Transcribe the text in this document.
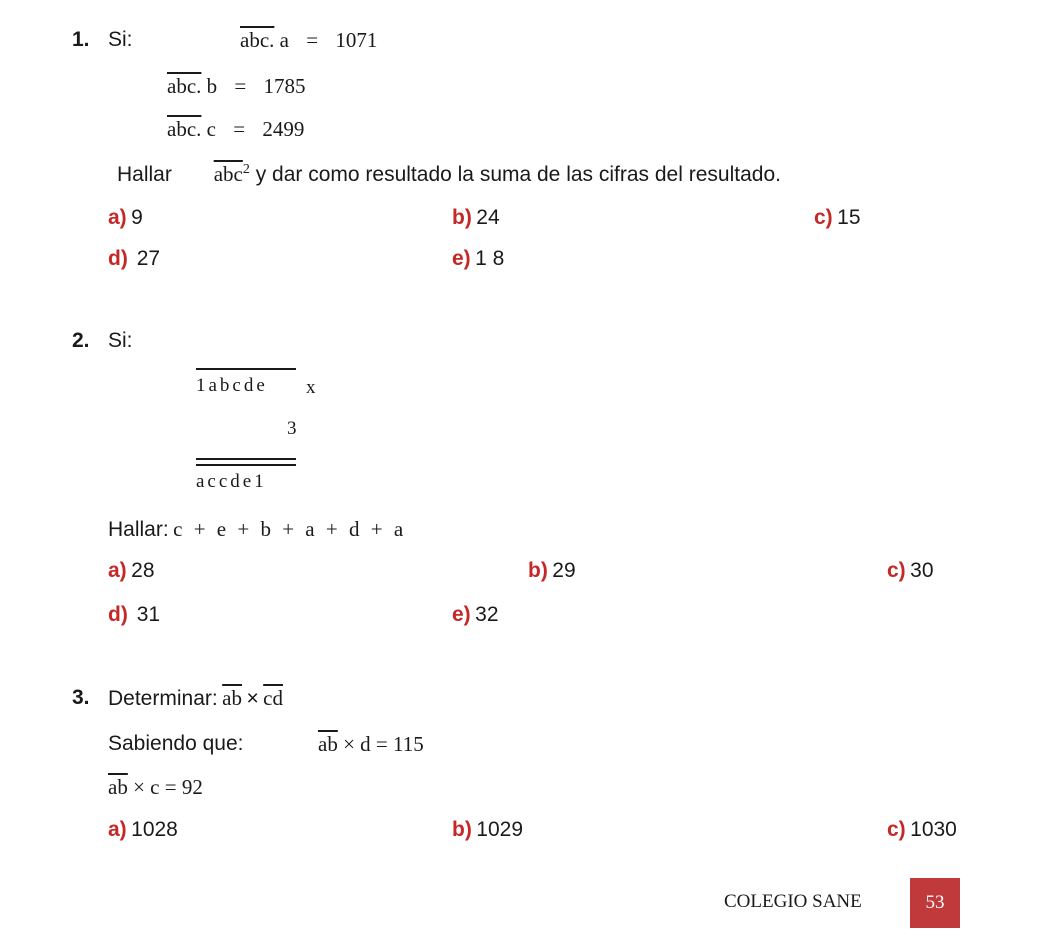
1. Si:	abc. a = 1071
abc. b = 1785
abc. c = 2499
Hallar $\overline{abc}^2$ y dar como resultado la suma de las cifras del resultado.
a) 9	b) 24	c) 15
d) 27	e) 1 8
2. Si:
1abcde x
3
accde1
Hallar: c + e + b + a + d + a
a) 28	b) 29	c) 30
d) 31	e) 32
3. Determinar: $\overline{ab} \times \overline{cd}$
Sabiendo que:	$\overline{ab} \times d = 115$
$\overline{ab} \times c = 92$
a) 1028	b) 1029	c) 1030
COLEGIO SANE	53
